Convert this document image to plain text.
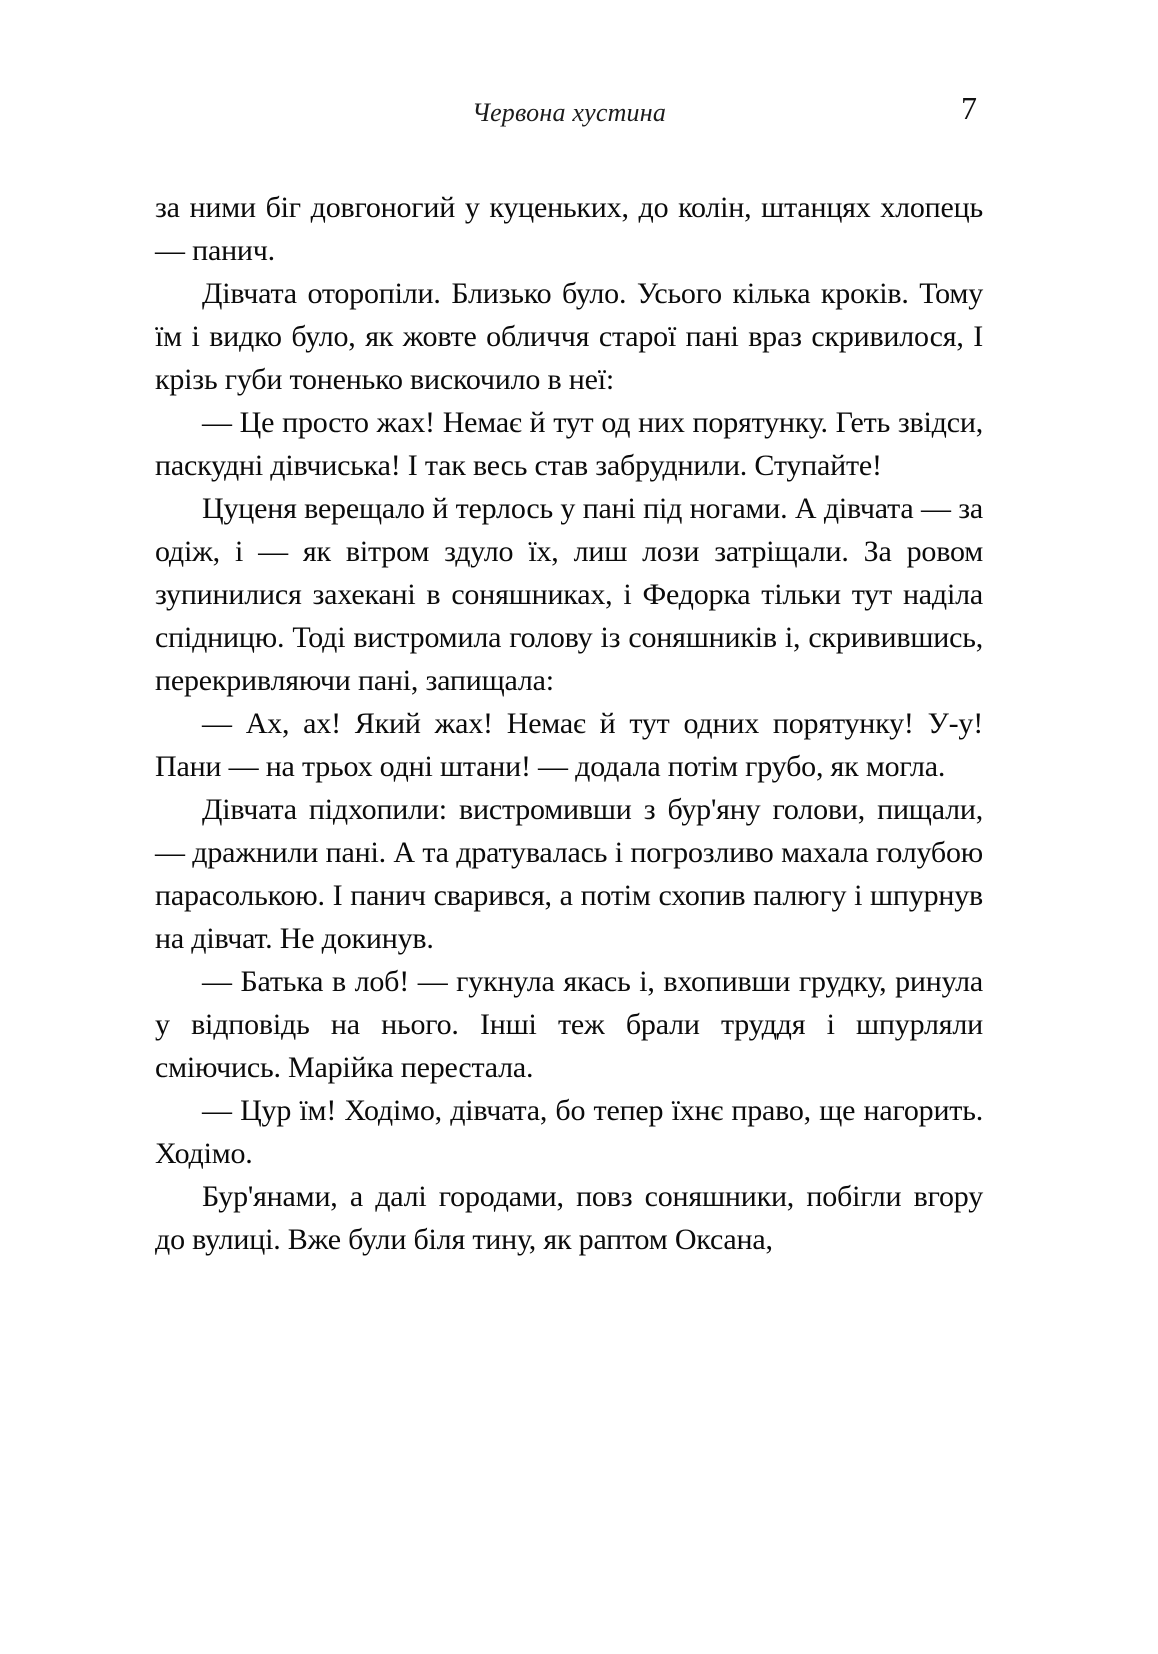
Червона хустина	7

за ними біг довгоногий у куценьких, до колін, штанцях хлопець — панич.

Дівчата оторопіли. Близько було. Усього кілька кроків. Тому їм і видко було, як жовте обличчя старої пані враз скривилося, І крізь губи тоненько вискочило в неї:

— Це просто жах! Немає й тут од них порятунку. Геть звідси, паскудні дівчиська! І так весь став забруднили. Ступайте!

Цуценя верещало й терлось у пані під ногами. А дівчата — за одіж, і — як вітром здуло їх, лиш лози затріщали. За ровом зупинилися захекані в соняшниках, і Федорка тільки тут наділа спідницю. Тоді вистромила голову із соняшників і, скривившись, перекривляючи пані, запищала:

— Ах, ах! Який жах! Немає й тут одних порятунку! У-у! Пани — на трьох одні штани! — додала потім грубо, як могла.

Дівчата підхопили: вистромивши з бур'яну голови, пищали, — дражнили пані. А та дратувалась і погрозливо махала голубою парасолькою. І панич сварився, а потім схопив палюгу і шпурнув на дівчат. Не докинув.

— Батька в лоб! — гукнула якась і, вхопивши грудку, ринула у відповідь на нього. Інші теж брали труддя і шпурляли сміючись. Марійка перестала.

— Цур їм! Ходімо, дівчата, бо тепер їхнє право, ще нагорить. Ходімо.

Бур'янами, а далі городами, повз соняшники, побігли вгору до вулиці. Вже були біля тину, як раптом Оксана,
